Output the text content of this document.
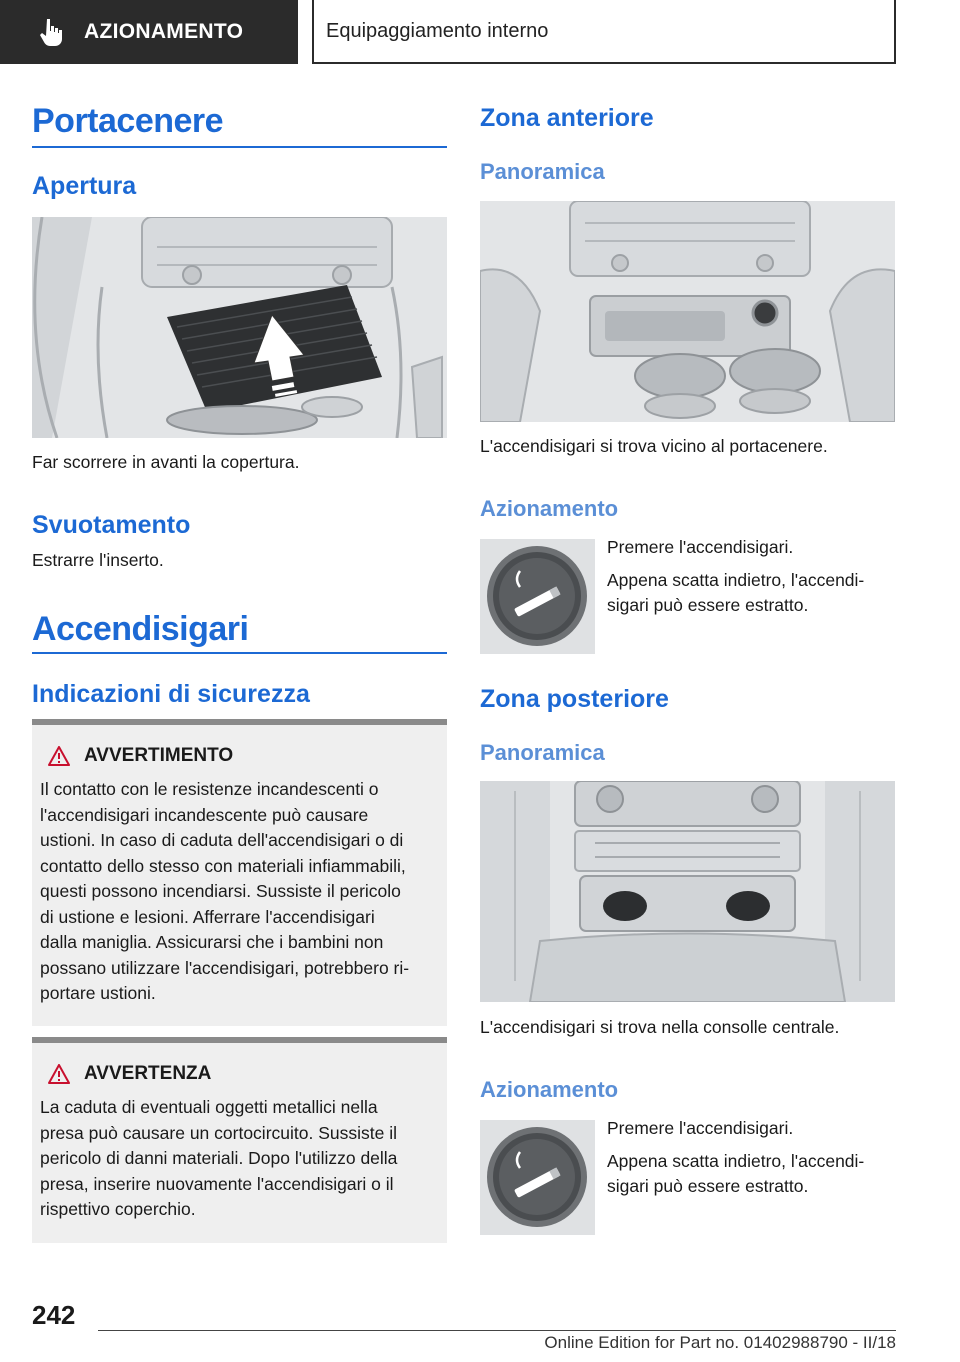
AZIONAMENTO	Equipaggiamento interno
Portacenere
Apertura
Far scorrere in avanti la copertura.
Svuotamento
Estrarre l'inserto.
Accendisigari
Indicazioni di sicurezza
AVVERTIMENTO
Il contatto con le resistenze incandescenti o
l'accendisigari incandescente può causare
ustioni. In caso di caduta dell'accendisigari o di
contatto dello stesso con materiali infiammabili,
questi possono incendiarsi. Sussiste il pericolo
di ustione e lesioni. Afferrare l'accendisigari
dalla maniglia. Assicurarsi che i bambini non
possano utilizzare l'accendisigari, potrebbero ri-
portare ustioni.
AVVERTENZA
La caduta di eventuali oggetti metallici nella
presa può causare un cortocircuito. Sussiste il
pericolo di danni materiali. Dopo l'utilizzo della
presa, inserire nuovamente l'accendisigari o il
rispettivo coperchio.
Zona anteriore
Panoramica
L'accendisigari si trova vicino al portacenere.
Azionamento
Premere l'accendisigari.
Appena scatta indietro, l'accendi-
sigari può essere estratto.
Zona posteriore
Panoramica
L'accendisigari si trova nella consolle centrale.
Azionamento
Premere l'accendisigari.
Appena scatta indietro, l'accendi-
sigari può essere estratto.
242
Online Edition for Part no. 01402988790 - II/18
